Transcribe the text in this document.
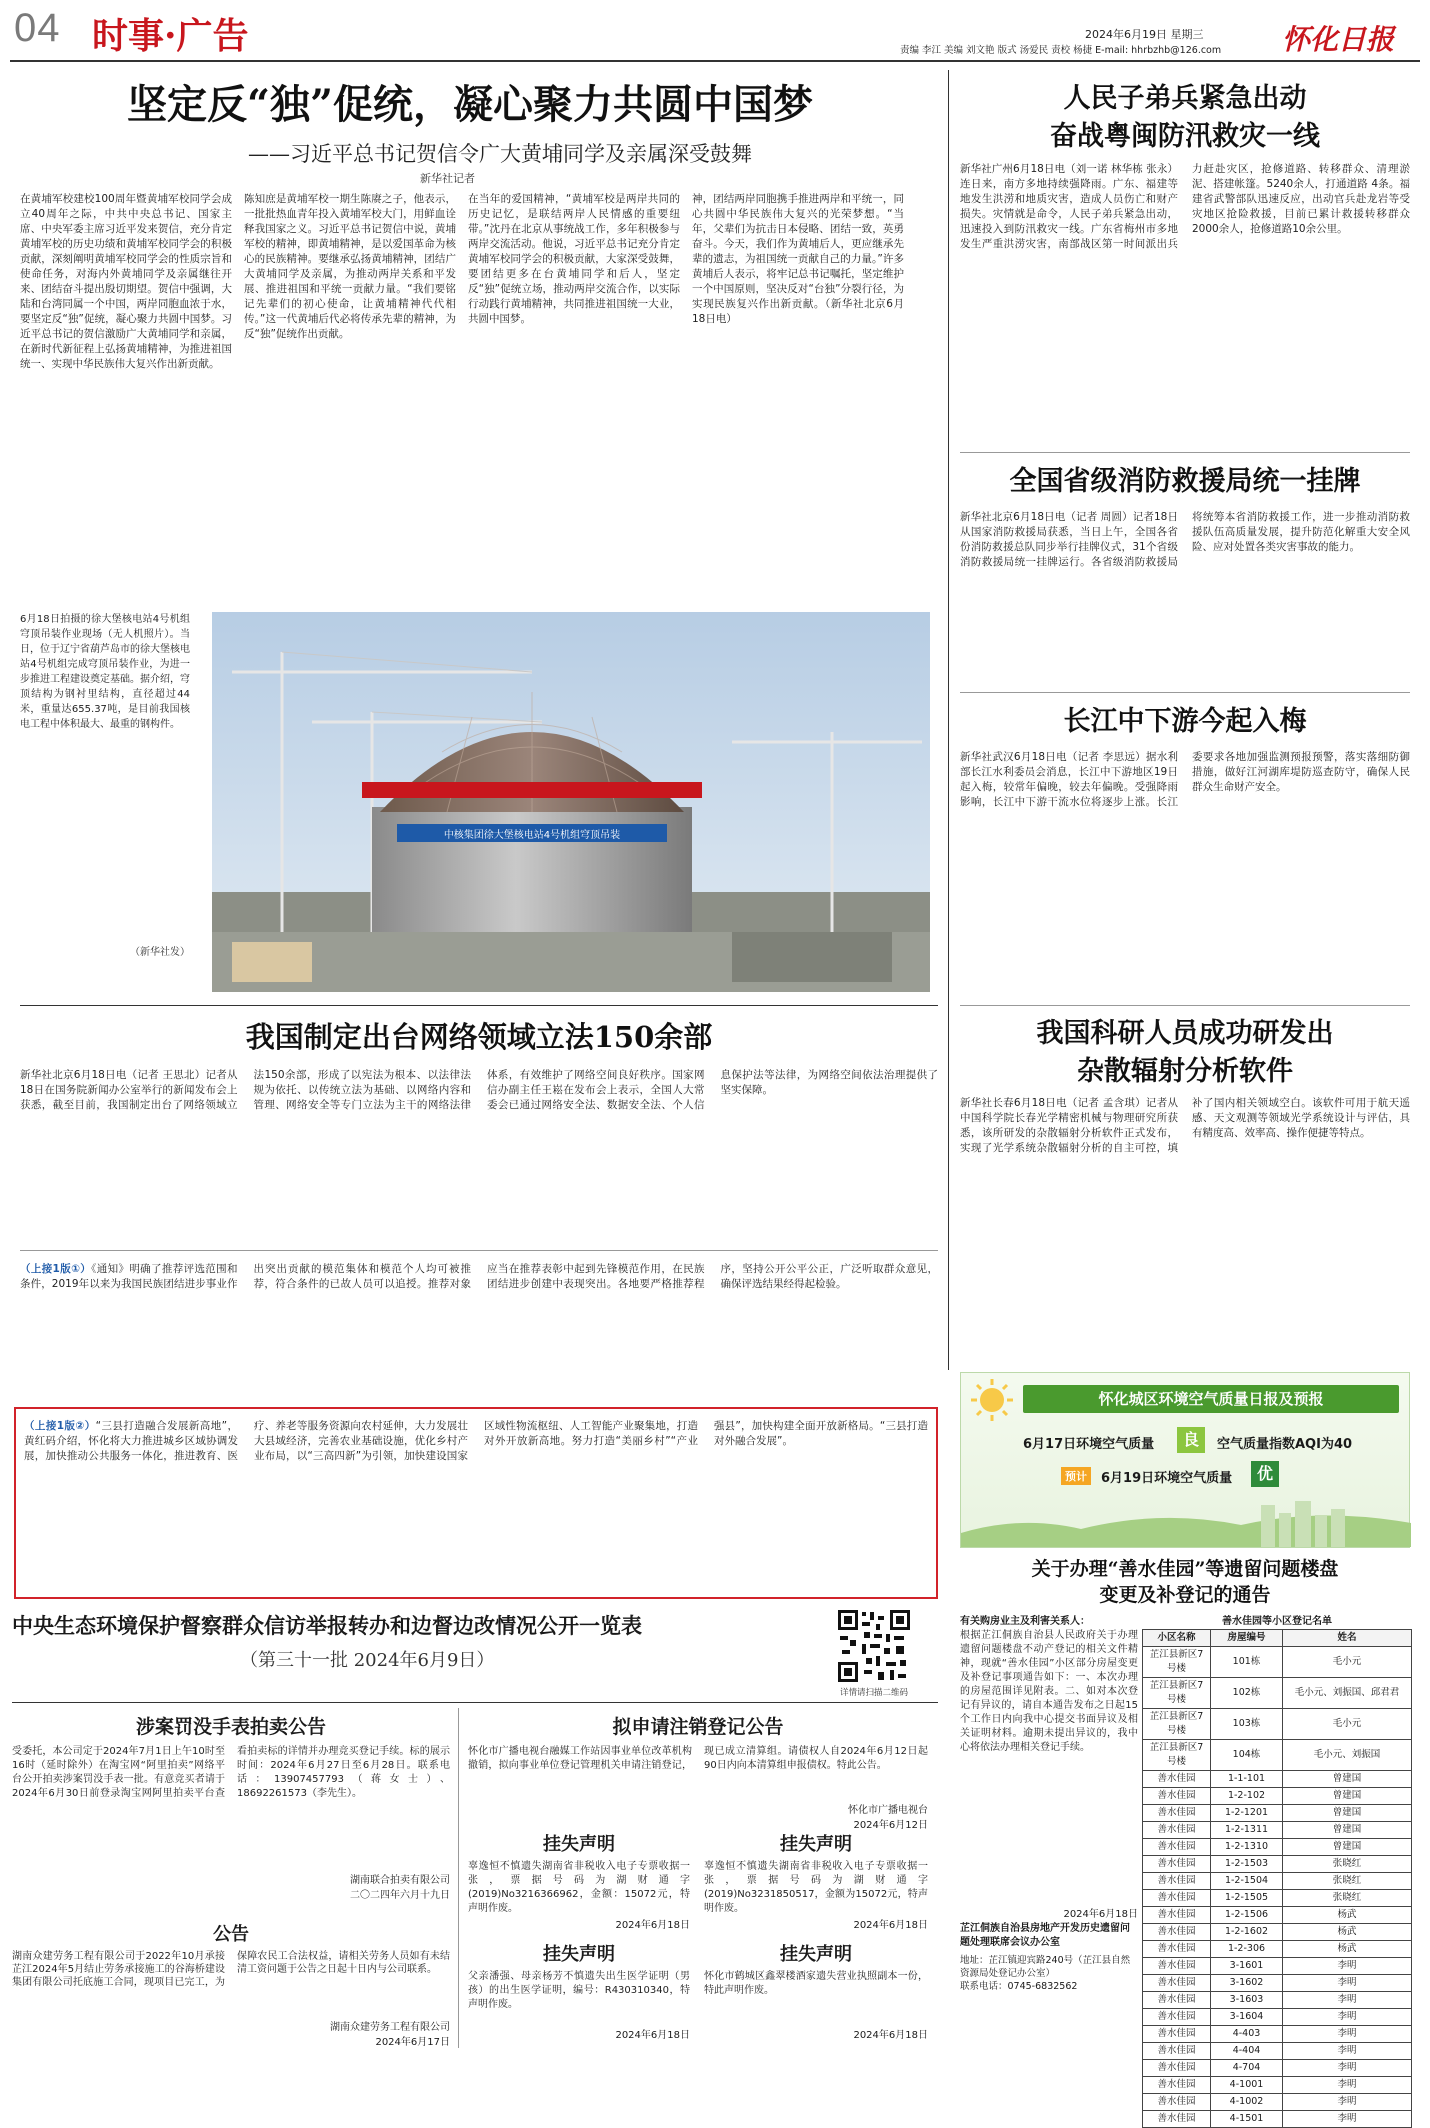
04 时事·广告	2024年6月19日 星期三
责编 李江 美编 刘文艳 版式 汤爱民 责校 杨捷 E-mail: hhrbzhb@126.com 怀化日报
坚定反“独”促统，凝心聚力共圆中国梦
——习近平总书记贺信令广大黄埔同学及亲属深受鼓舞
新华社记者
在黄埔军校建校100周年暨黄埔军校同学会成立40周年之际，中共中央总书记、国家主席、中央军委主席习近平发来贺信，充分肯定黄埔军校的历史功绩和黄埔军校同学会的积极贡献，深刻阐明黄埔军校同学会的性质宗旨和使命任务，对海内外黄埔同学及亲属继往开来、团结奋斗提出殷切期望。贺信中强调，大陆和台湾同属一个中国，两岸同胞血浓于水，要坚定反“独”促统，凝心聚力共圆中国梦。习近平总书记的贺信激励广大黄埔同学和亲属，在新时代新征程上弘扬黄埔精神，为推进祖国统一、实现中华民族伟大复兴作出新贡献。
陈知庶是黄埔军校一期生陈赓之子，他表示，一批批热血青年投入黄埔军校大门，用鲜血诠释我国家之义。习近平总书记贺信中说，黄埔军校的精神，即黄埔精神，是以爱国革命为核心的民族精神。要继承弘扬黄埔精神，团结广大黄埔同学及亲属，为推动两岸关系和平发展、推进祖国和平统一贡献力量。“我们要铭记先辈们的初心使命，让黄埔精神代代相传。”这一代黄埔后代必将传承先辈的精神，为反“独”促统作出贡献。
在当年的爱国精神，“黄埔军校是两岸共同的历史记忆，是联结两岸人民情感的重要纽带。”沈丹在北京从事统战工作，多年积极参与两岸交流活动。他说，习近平总书记充分肯定黄埔军校同学会的积极贡献，大家深受鼓舞，要团结更多在台黄埔同学和后人，坚定反“独”促统立场，推动两岸交流合作，以实际行动践行黄埔精神，共同推进祖国统一大业，共圆中国梦。
神，团结两岸同胞携手推进两岸和平统一，同心共圆中华民族伟大复兴的光荣梦想。“当年，父辈们为抗击日本侵略、团结一致，英勇奋斗。今天，我们作为黄埔后人，更应继承先辈的遗志，为祖国统一贡献自己的力量。”许多黄埔后人表示，将牢记总书记嘱托，坚定维护一个中国原则，坚决反对“台独”分裂行径，为实现民族复兴作出新贡献。（新华社北京6月18日电）
6月18日拍摄的徐大堡核电站4号机组穹顶吊装作业现场（无人机照片）。当日，位于辽宁省葫芦岛市的徐大堡核电站4号机组完成穹顶吊装作业，为进一步推进工程建设奠定基础。据介绍，穹顶结构为钢衬里结构，直径超过44米，重量达655.37吨，是目前我国核电工程中体积最大、最重的钢构件。
（新华社发）
中核集团徐大堡核电站4号机组穹顶吊装
人民子弟兵紧急出动
奋战粤闽防汛救灾一线
新华社广州6月18日电（刘一诺 林华栋 张永）连日来，南方多地持续强降雨。广东、福建等地发生洪涝和地质灾害，造成人员伤亡和财产损失。灾情就是命令，人民子弟兵紧急出动，迅速投入到防汛救灾一线。广东省梅州市多地发生严重洪涝灾害，南部战区第一时间派出兵力赶赴灾区，抢修道路、转移群众、清理淤泥、搭建帐篷。5240余人，打通道路 4条。福建省武警部队迅速反应，出动官兵赴龙岩等受灾地区抢险救援，目前已累计救援转移群众2000余人，抢修道路10余公里。
全国省级消防救援局统一挂牌
新华社北京6月18日电（记者 周圆）记者18日从国家消防救援局获悉，当日上午，全国各省份消防救援总队同步举行挂牌仪式，31个省级消防救援局统一挂牌运行。各省级消防救援局将统筹本省消防救援工作，进一步推动消防救援队伍高质量发展，提升防范化解重大安全风险、应对处置各类灾害事故的能力。
长江中下游今起入梅
新华社武汉6月18日电（记者 李思远）据水利部长江水利委员会消息，长江中下游地区19日起入梅，较常年偏晚，较去年偏晚。受强降雨影响，长江中下游干流水位将逐步上涨。长江委要求各地加强监测预报预警，落实落细防御措施，做好江河湖库堤防巡查防守，确保人民群众生命财产安全。
我国制定出台网络领域立法150余部
新华社北京6月18日电（记者 王思北）记者从18日在国务院新闻办公室举行的新闻发布会上获悉，截至目前，我国制定出台了网络领域立法150余部，形成了以宪法为根本、以法律法规为依托、以传统立法为基础、以网络内容和管理、网络安全等专门立法为主干的网络法律体系，有效维护了网络空间良好秩序。国家网信办副主任王崧在发布会上表示，全国人大常委会已通过网络安全法、数据安全法、个人信息保护法等法律，为网络空间依法治理提供了坚实保障。
我国科研人员成功研发出
杂散辐射分析软件
新华社长春6月18日电（记者 孟含琪）记者从中国科学院长春光学精密机械与物理研究所获悉，该所研发的杂散辐射分析软件正式发布，实现了光学系统杂散辐射分析的自主可控，填补了国内相关领域空白。该软件可用于航天遥感、天文观测等领域光学系统设计与评估，具有精度高、效率高、操作便捷等特点。
（上接1版①）《通知》明确了推荐评选范围和条件，2019年以来为我国民族团结进步事业作出突出贡献的模范集体和模范个人均可被推荐，符合条件的已故人员可以追授。推荐对象应当在推荐表彰中起到先锋模范作用，在民族团结进步创建中表现突出。各地要严格推荐程序，坚持公开公平公正，广泛听取群众意见，确保评选结果经得起检验。
（上接1版②）“三县打造融合发展新高地”，黄红码介绍，怀化将大力推进城乡区域协调发展，加快推动公共服务一体化，推进教育、医疗、养老等服务资源向农村延伸，大力发展壮大县域经济，完善农业基础设施，优化乡村产业布局，以“三高四新”为引领，加快建设国家区域性物流枢纽、人工智能产业聚集地，打造对外开放新高地。努力打造“美丽乡村”“产业强县”，加快构建全面开放新格局。“三县打造对外融合发展”。
怀化城区环境空气质量日报及预报
6月17日环境空气质量	良	空气质量指数AQI为40
预计	6月19日环境空气质量	优
关于办理“善水佳园”等遗留问题楼盘
变更及补登记的通告
有关购房业主及利害关系人：
根据芷江侗族自治县人民政府关于办理遗留问题楼盘不动产登记的相关文件精神，现就“善水佳园”小区部分房屋变更及补登记事项通告如下：一、本次办理的房屋范围详见附表。二、如对本次登记有异议的，请自本通告发布之日起15个工作日内向我中心提交书面异议及相关证明材料。逾期未提出异议的，我中心将依法办理相关登记手续。
2024年6月18日
芷江侗族自治县房地产开发历史遗留问题处理联席会议办公室
地址：芷江镇迎宾路240号（芷江县自然资源局处登记办公室）
联系电话：0745-6832562
善水佳园等小区登记名单
小区名称	房屋编号	姓名
芷江县新区7号楼	101栋	毛小元
芷江县新区7号楼	102栋	毛小元、刘振国、邱君君
芷江县新区7号楼	103栋	毛小元
芷江县新区7号楼	104栋	毛小元、刘振国
善水佳园	1-1-101	曾建国
善水佳园	1-2-102	曾建国
善水佳园	1-2-1201	曾建国
善水佳园	1-2-1311	曾建国
善水佳园	1-2-1310	曾建国
善水佳园	1-2-1503	张晓红
善水佳园	1-2-1504	张晓红
善水佳园	1-2-1505	张晓红
善水佳园	1-2-1506	杨武
善水佳园	1-2-1602	杨武
善水佳园	1-2-306	杨武
善水佳园	3-1601	李明
善水佳园	3-1602	李明
善水佳园	3-1603	李明
善水佳园	3-1604	李明
善水佳园	4-403	李明
善水佳园	4-404	李明
善水佳园	4-704	李明
善水佳园	4-1001	李明
善水佳园	4-1002	李明
善水佳园	4-1501	李明
中央生态环境保护督察群众信访举报转办和边督边改情况公开一览表
（第三十一批 2024年6月9日）
详情请扫描二维码
涉案罚没手表拍卖公告
受委托，本公司定于2024年7月1日上午10时至16时（延时除外）在淘宝网“阿里拍卖”网络平台公开拍卖涉案罚没手表一批。有意竞买者请于2024年6月30日前登录淘宝网阿里拍卖平台查看拍卖标的详情并办理竞买登记手续。标的展示时间：2024年6月27日至6月28日。联系电话：13907457793（蒋女士）、18692261573（李先生）。
湖南联合拍卖有限公司
二〇二四年六月十九日
公告
湖南众建劳务工程有限公司于2022年10月承接芷江2024年5月结止劳务承接施工的谷海桥建设集团有限公司托底施工合同，现项目已完工，为保障农民工合法权益，请相关劳务人员如有未结清工资问题于公告之日起十日内与公司联系。
湖南众建劳务工程有限公司
2024年6月17日
拟申请注销登记公告
怀化市广播电视台融媒工作站因事业单位改革机构撤销，拟向事业单位登记管理机关申请注销登记，现已成立清算组。请债权人自2024年6月12日起90日内向本清算组申报债权。特此公告。
怀化市广播电视台
2024年6月12日
挂失声明
辜逸恒不慎遗失湖南省非税收入电子专票收据一张，票据号码为湖财通字(2019)No3216366962，金额：15072元，特声明作废。
2024年6月18日
挂失声明
辜逸恒不慎遗失湖南省非税收入电子专票收据一张，票据号码为湖财通字(2019)No3231850517，金额为15072元，特声明作废。
2024年6月18日
挂失声明
父亲潘强、母亲杨芳不慎遗失出生医学证明（男孩）的出生医学证明，编号：R430310340，特声明作废。
2024年6月18日
挂失声明
怀化市鹤城区鑫翠楼酒家遗失营业执照副本一份，特此声明作废。
2024年6月18日
